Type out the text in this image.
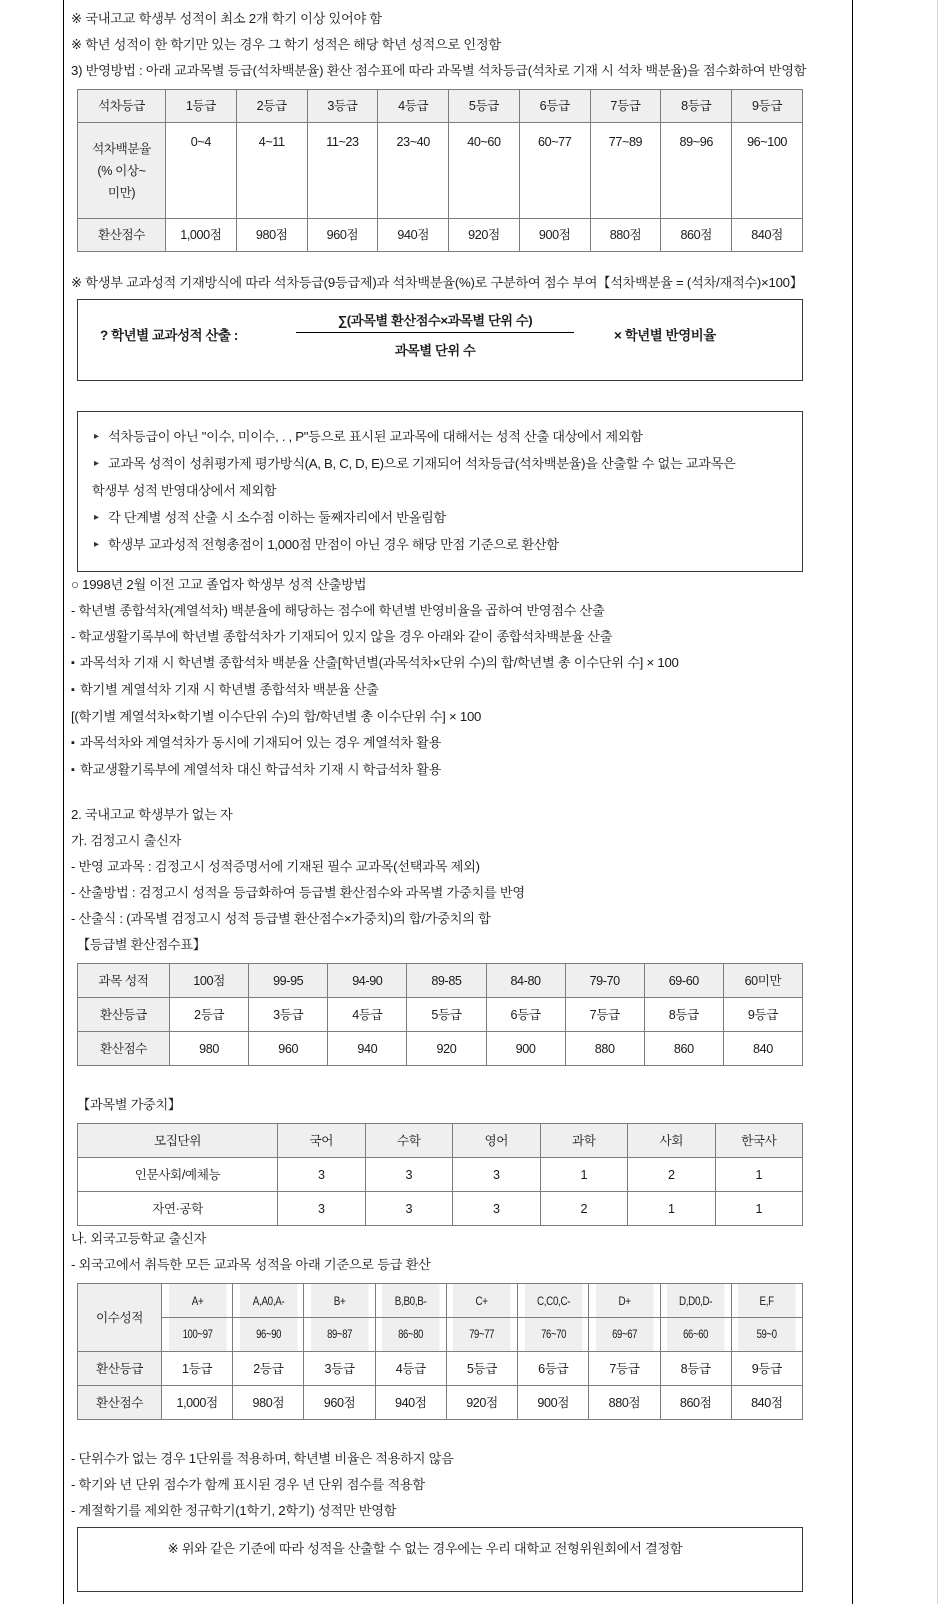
※ 국내고교 학생부 성적이 최소 2개 학기 이상 있어야 함

※ 학년 성적이 한 학기만 있는 경우 그 학기 성적은 해당 학년 성적으로 인정함

3) 반영방법 : 아래 교과목별 등급(석차백분율) 환산 점수표에 따라 과목별 석차등급(석차로 기재 시 석차 백분율)을 점수화하여 반영함

석차등급	1등급	2등급	3등급	4등급	5등급	6등급	7등급	8등급	9등급

석차백분율
(% 이상~
미만)	0~4	4~11	11~23	23~40	40~60	60~77	77~89	89~96	96~100
환산점수	1,000점	980점	960점	940점	920점	900점	880점	860점	840점

※ 학생부 교과성적 기재방식에 따라 석차등급(9등급제)과 석차백분율(%)로 구분하여 점수 부여【석차백분율 = (석차/재적수)×100】

? 학년별 교과성적 산출 :	$\frac{\text{∑(과목별 환산점수×과목별 단위 수)}}{\text{과목별 단위 수}}$	× 학년별 반영비율

▸ 석차등급이 아닌 "이수, 미이수, . , P"등으로 표시된 교과목에 대해서는 성적 산출 대상에서 제외함

▸ 교과목 성적이 성취평가제 평가방식(A, B, C, D, E)으로 기재되어 석차등급(석차백분율)을 산출할 수 없는 교과목은

학생부 성적 반영대상에서 제외함

▸ 각 단계별 성적 산출 시 소수점 이하는 둘째자리에서 반올림함

▸ 학생부 교과성적 전형총점이 1,000점 만점이 아닌 경우 해당 만점 기준으로 환산함

○ 1998년 2월 이전 고교 졸업자 학생부 성적 산출방법

- 학년별 종합석차(계열석차) 백분율에 해당하는 점수에 학년별 반영비율을 곱하여 반영점수 산출

- 학교생활기록부에 학년별 종합석차가 기재되어 있지 않을 경우 아래와 같이 종합석차백분율 산출

▪ 과목석차 기재 시 학년별 종합석차 백분율 산출[학년별(과목석차×단위 수)의 합/학년별 총 이수단위 수] × 100

▪ 학기별 계열석차 기재 시 학년별 종합석차 백분율 산출

[(학기별 계열석차×학기별 이수단위 수)의 합/학년별 총 이수단위 수] × 100

▪ 과목석차와 계열석차가 동시에 기재되어 있는 경우 계열석차 활용

▪ 학교생활기록부에 계열석차 대신 학급석차 기재 시 학급석차 활용

2. 국내고교 학생부가 없는 자

가. 검정고시 출신자

- 반영 교과목 : 검정고시 성적증명서에 기재된 필수 교과목(선택과목 제외)

- 산출방법 : 검정고시 성적을 등급화하여 등급별 환산점수와 과목별 가중치를 반영

- 산출식 : (과목별 검정고시 성적 등급별 환산점수×가중치)의 합/가중치의 합

【등급별 환산점수표】

과목 성적	100점	99-95	94-90	89-85	84-80	79-70	69-60	60미만
환산등급	2등급	3등급	4등급	5등급	6등급	7등급	8등급	9등급
환산점수	980	960	940	920	900	880	860	840

【과목별 가중치】

모집단위	국어	수학	영어	과학	사회	한국사
인문사회/예체능	3	3	3	1	2	1
자연·공학	3	3	3	2	1	1

나. 외국고등학교 출신자

- 외국고에서 취득한 모든 교과목 성적을 아래 기준으로 등급 환산

이수성적	A+	A,A0,A-	B+	B,B0,B-	C+	C,C0,C-	D+	D,D0,D-	E,F
	100~97	96~90	89~87	86~80	79~77	76~70	69~67	66~60	59~0
환산등급	1등급	2등급	3등급	4등급	5등급	6등급	7등급	8등급	9등급
환산점수	1,000점	980점	960점	940점	920점	900점	880점	860점	840점

- 단위수가 없는 경우 1단위를 적용하며, 학년별 비율은 적용하지 않음

- 학기와 년 단위 점수가 함께 표시된 경우 년 단위 점수를 적용함

- 계절학기를 제외한 정규학기(1학기, 2학기) 성적만 반영함

※ 위와 같은 기준에 따라 성적을 산출할 수 없는 경우에는 우리 대학교 전형위원회에서 결정함
